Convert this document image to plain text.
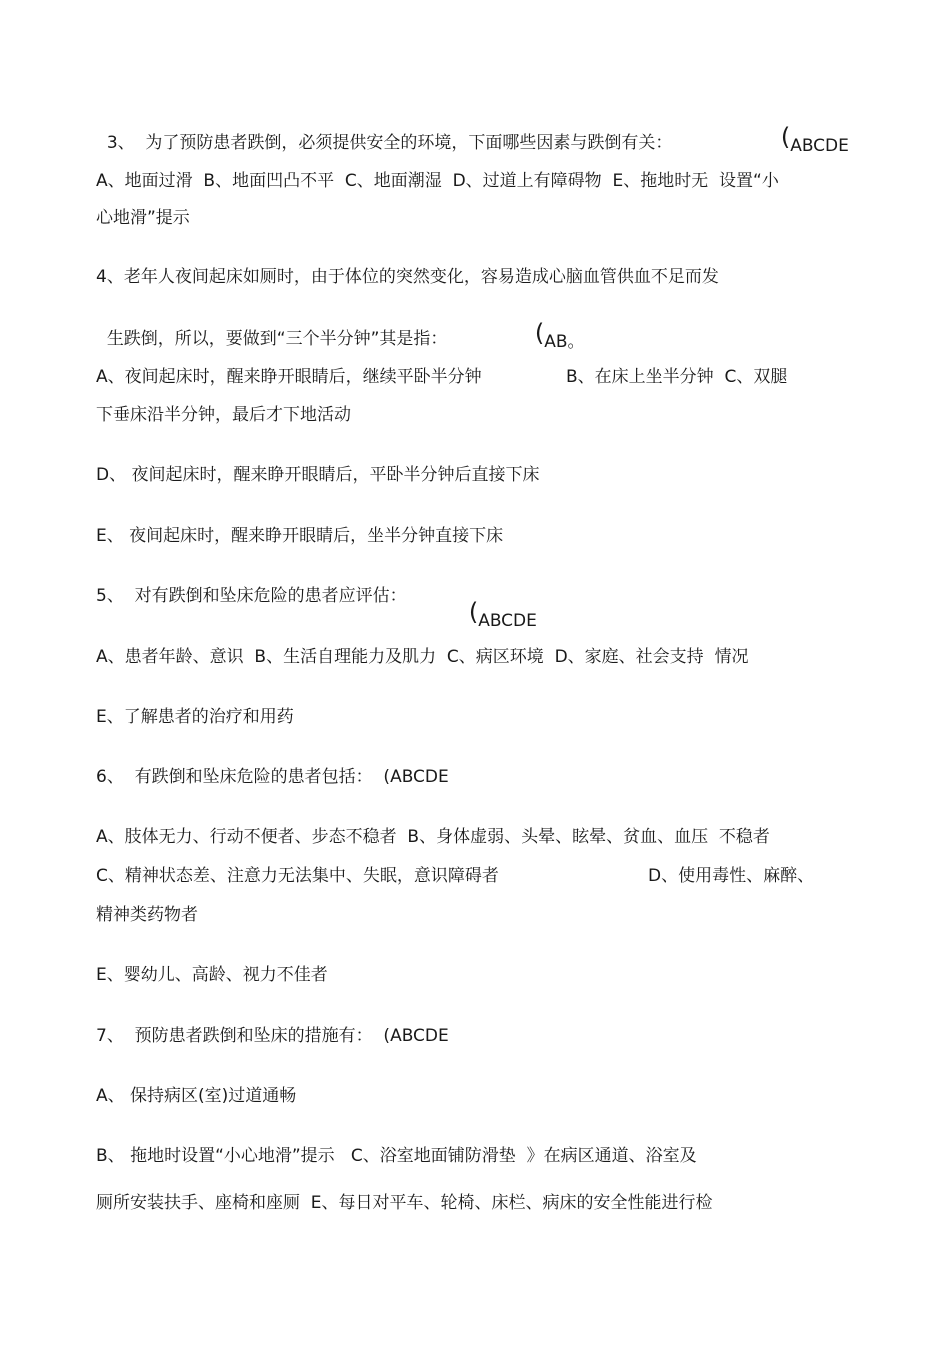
3、  为了预防患者跌倒，必须提供安全的环境，下面哪些因素与跌倒有关：	(ABCDE

A、地面过滑  B、地面凹凸不平  C、地面潮湿  D、过道上有障碍物  E、拖地时无  设置“小
心地滑”提示
4、老年人夜间起床如厕时，由于体位的突然变化，容易造成心脑血管供血不足而发

生跌倒，所以，要做到“三个半分钟”其是指：	(AB。

A、夜间起床时，醒来睁开眼睛后，继续平卧半分钟	B、在床上坐半分钟  C、双腿
下垂床沿半分钟，最后才下地活动
D、 夜间起床时，醒来睁开眼睛后，平卧半分钟后直接下床
E、 夜间起床时，醒来睁开眼睛后，坐半分钟直接下床
5、  对有跌倒和坠床危险的患者应评估：

(ABCDE

A、患者年龄、意识  B、生活自理能力及肌力  C、病区环境  D、家庭、社会支持  情况
E、了解患者的治疗和用药
6、  有跌倒和坠床危险的患者包括：  (ABCDE
A、肢体无力、行动不便者、步态不稳者  B、身体虚弱、头晕、眩晕、贫血、血压  不稳者
C、精神状态差、注意力无法集中、失眠，意识障碍者	D、使用毒性、麻醉、
精神类药物者
E、婴幼儿、高龄、视力不佳者
7、  预防患者跌倒和坠床的措施有：  (ABCDE
A、 保持病区(室)过道通畅
B、 拖地时设置“小心地滑”提示   C、浴室地面铺防滑垫  》在病区通道、浴室及
厕所安装扶手、座椅和座厕  E、每日对平车、轮椅、床栏、病床的安全性能进行检
